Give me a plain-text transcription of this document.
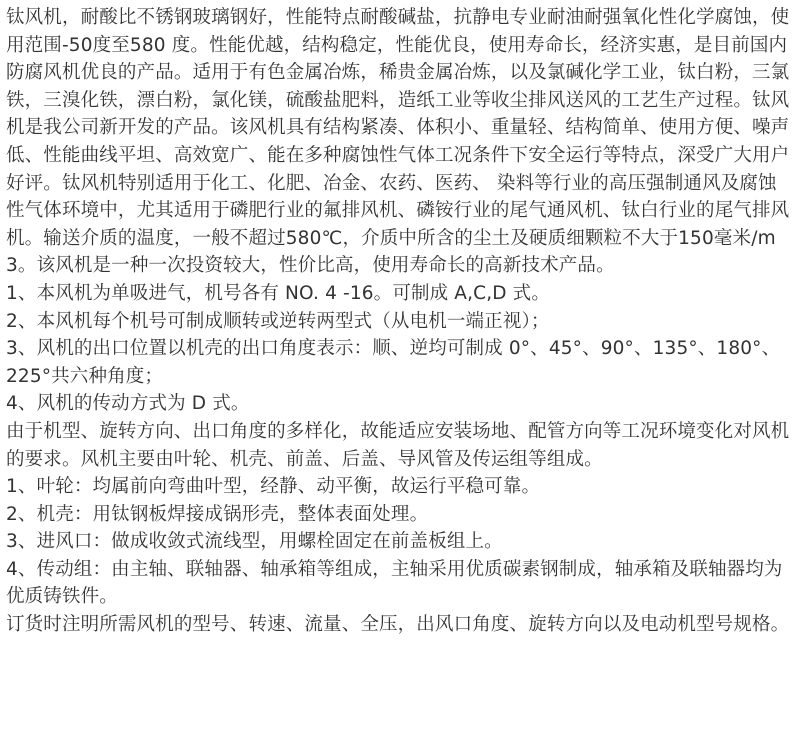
钛风机，耐酸比不锈钢玻璃钢好，性能特点耐酸碱盐，抗静电专业耐油耐强氧化性化学腐蚀，使用范围-50度至580 度。性能优越，结构稳定，性能优良，使用寿命长，经济实惠，是目前国内防腐风机优良的产品。适用于有色金属冶炼，稀贵金属冶炼，以及氯碱化学工业，钛白粉，三氯铁，三溴化铁，漂白粉，氯化镁，硫酸盐肥料，造纸工业等收尘排风送风的工艺生产过程。钛风机是我公司新开发的产品。该风机具有结构紧凑、体积小、重量轻、结构简单、使用方便、噪声低、性能曲线平坦、高效宽广、能在多种腐蚀性气体工况条件下安全运行等特点，深受广大用户好评。钛风机特别适用于化工、化肥、冶金、农药、医药、 染料等行业的高压强制通风及腐蚀性气体环境中，尤其适用于磷肥行业的氟排风机、磷铵行业的尾气通风机、钛白行业的尾气排风机。输送介质的温度，一般不超过580℃，介质中所含的尘土及硬质细颗粒不大于150毫米/m3。该风机是一种一次投资较大，性价比高，使用寿命长的高新技术产品。

1、本风机为单吸进气，机号各有 NO. 4 -16。可制成 A,C,D 式。

2、本风机每个机号可制成顺转或逆转两型式（从电机一端正视）；

3、风机的出口位置以机壳的出口角度表示：顺、逆均可制成 0°、45°、90°、135°、180°、225°共六种角度；

4、风机的传动方式为 D 式。

由于机型、旋转方向、出口角度的多样化，故能适应安装场地、配管方向等工况环境变化对风机的要求。风机主要由叶轮、机壳、前盖、后盖、导风管及传运组等组成。

1、叶轮：均属前向弯曲叶型，经静、动平衡，故运行平稳可靠。

2、机壳：用钛钢板焊接成锅形壳，整体表面处理。

3、进风口：做成收敛式流线型，用螺栓固定在前盖板组上。

4、传动组：由主轴、联轴器、轴承箱等组成，主轴采用优质碳素钢制成，轴承箱及联轴器均为优质铸铁件。

订货时注明所需风机的型号、转速、流量、全压，出风口角度、旋转方向以及电动机型号规格。
